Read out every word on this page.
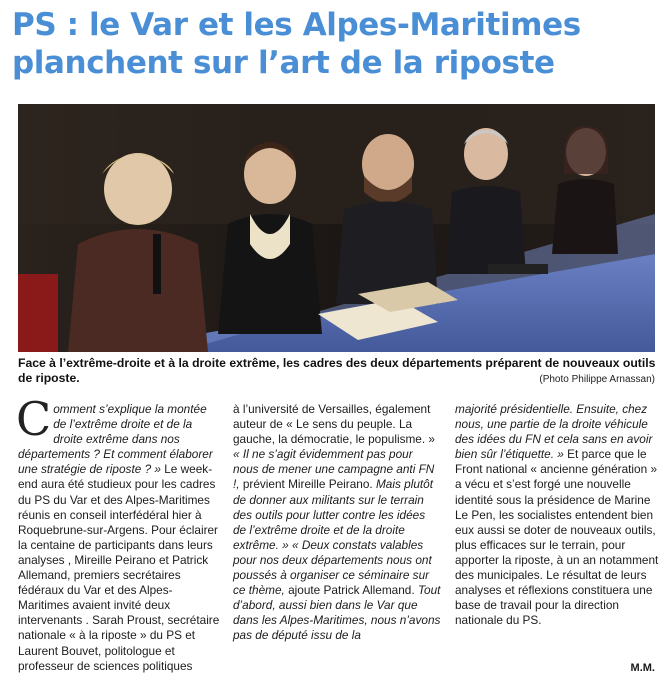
PS : le Var et les Alpes-Maritimes planchent sur l’art de la riposte
Face à l’extrême-droite et à la droite extrême, les cadres des deux départements préparent de nouveaux outils de riposte.	(Photo Philippe Arnassan)
Comment s’explique la montée de l’extrême droite et de la droite extrême dans nos départements ? Et comment élaborer une stratégie de riposte ? » Le week-end aura été studieux pour les cadres du PS du Var et des Alpes-Maritimes réunis en conseil interfédéral hier à Roquebrune-sur-Argens. Pour éclairer la centaine de participants dans leurs analyses , Mireille Peirano et Patrick Allemand, premiers secrétaires fédéraux du Var et des Alpes-Maritimes avaient invité deux intervenants . Sarah Proust, secrétaire nationale « à la riposte » du PS et Laurent Bouvet, politologue et professeur de sciences politiques
à l’université de Versailles, également auteur de « Le sens du peuple. La gauche, la démocratie, le populisme. »
« Il ne s’agit évidemment pas pour nous de mener une campagne anti FN !, prévient Mireille Peirano. Mais plutôt de donner aux militants sur le terrain des outils pour lutter contre les idées de l’extrême droite et de la droite extrême. » « Deux constats valables pour nos deux départements nous ont poussés à organiser ce séminaire sur ce thème, ajoute Patrick Allemand. Tout d’abord, aussi bien dans le Var que dans les Alpes-Maritimes, nous n’avons pas de député issu de la
majorité présidentielle. Ensuite, chez nous, une partie de la droite véhicule des idées du FN et cela sans en avoir bien sûr l’étiquette. » Et parce que le Front national « ancienne génération » a vécu et s’est forgé une nouvelle identité sous la présidence de Marine Le Pen, les socialistes entendent bien eux aussi se doter de nouveaux outils, plus efficaces sur le terrain, pour apporter la riposte, à un an notamment des municipales. Le résultat de leurs analyses et réflexions constituera une base de travail pour la direction nationale du PS.
M.M.
